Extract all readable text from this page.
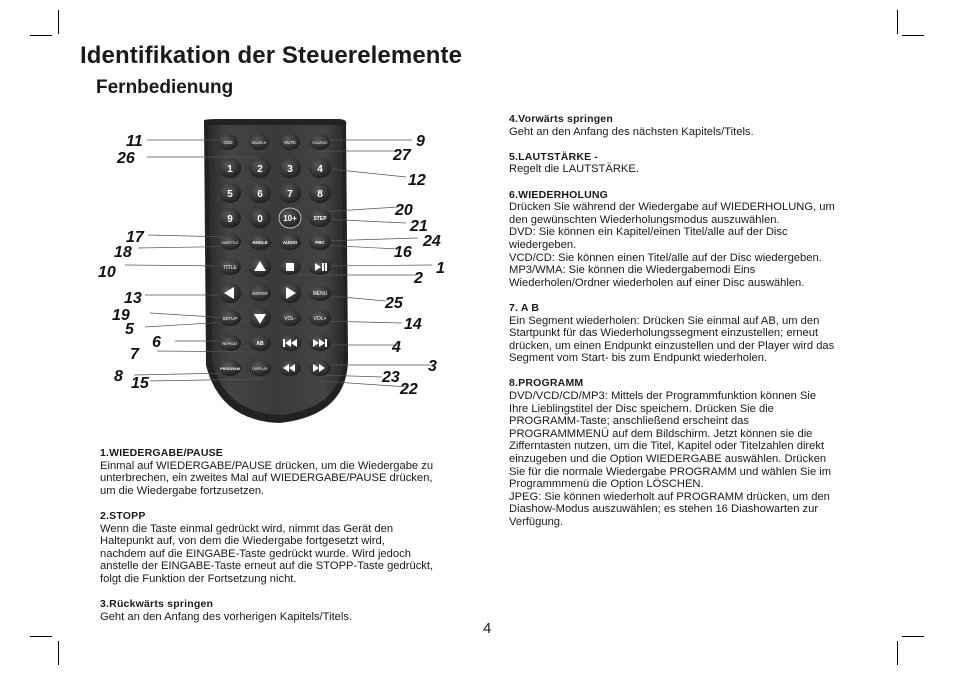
Identifikation der Steuerelemente
Fernbedienung
OSD	SEARCH	MUTE	SOURCE
1 2 3 4
5 6 7 8
9 0	10+	STEP
SUBTITLE	ANGLE	AUDIO	PBC
TITLE
ENTER	MENU
SETUP	VOL-	VOL+
REPEAT	AB
PROGRAM	DISPLAY
11
26
9
27
12
20
21
17	24
18	16
10	1
2
13	25
19
14
5
6	4
7
3
8	23
15	22
1.WIEDERGABE/PAUSE
Einmal auf WIEDERGABE/PAUSE drücken, um die Wiedergabe zu
unterbrechen, ein zweites Mal auf WIEDERGABE/PAUSE drücken,
um die Wiedergabe fortzusetzen.
2.STOPP
Wenn die Taste einmal gedrückt wird, nimmt das Gerät den
Haltepunkt auf, von dem die Wiedergabe fortgesetzt wird,
nachdem auf die EINGABE-Taste gedrückt wurde. Wird jedoch
anstelle der EINGABE-Taste erneut auf die STOPP-Taste gedrückt,
folgt die Funktion der Fortsetzung nicht.
3.Rückwärts springen
Geht an den Anfang des vorherigen Kapitels/Titels.
4.Vorwärts springen
Geht an den Anfang des nächsten Kapitels/Titels.
5.LAUTSTÄRKE -
Regelt die LAUTSTÄRKE.
6.WIEDERHOLUNG
Drücken Sie während der Wiedergabe auf WIEDERHOLUNG, um
den gewünschten Wiederholungsmodus auszuwählen.
DVD: Sie können ein Kapitel/einen Titel/alle auf der Disc
wiedergeben.
VCD/CD: Sie können einen Titel/alle auf der Disc wiedergeben.
MP3/WMA: Sie können die Wiedergabemodi Eins
Wiederholen/Ordner wiederholen auf einer Disc auswählen.
7. A B
Ein Segment wiederholen: Drücken Sie einmal auf AB, um den
Startpunkt für das Wiederholungssegment einzustellen; erneut
drücken, um einen Endpunkt einzustellen und der Player wird das
Segment vom Start- bis zum Endpunkt wiederholen.
8.PROGRAMM
DVD/VCD/CD/MP3: Mittels der Programmfunktion können Sie
Ihre Lieblingstitel der Disc speichern. Drücken Sie die
PROGRAMM-Taste; anschließend erscheint das
PROGRAMMMENÜ auf dem Bildschirm. Jetzt können sie die
Zifferntasten nutzen, um die Titel, Kapitel oder Titelzahlen direkt
einzugeben und die Option WIEDERGABE auswählen. Drücken
Sie für die normale Wiedergabe PROGRAMM und wählen Sie im
Programmmenü die Option LÖSCHEN.
JPEG: Sie können wiederholt auf PROGRAMM drücken, um den
Diashow-Modus auszuwählen; es stehen 16 Diashowarten zur
Verfügung.
4
